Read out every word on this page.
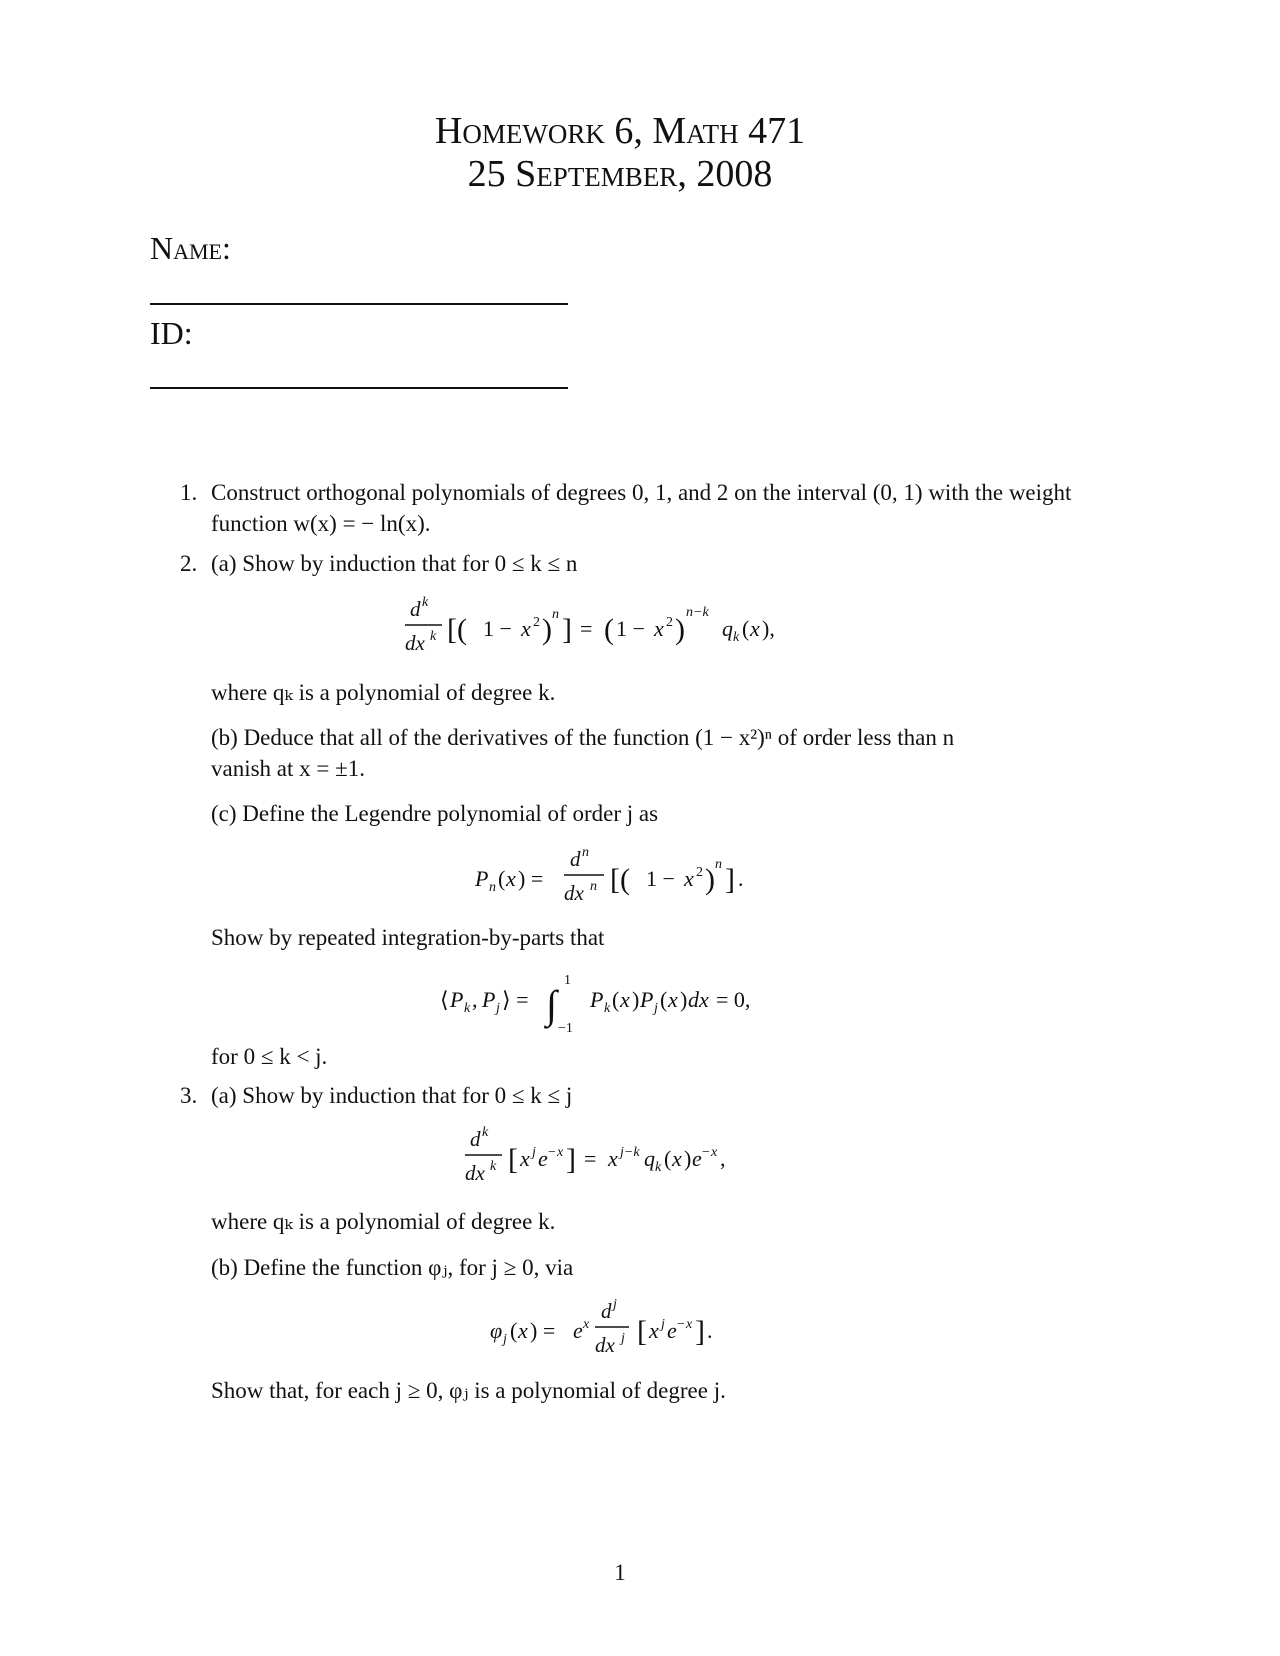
Homework 6, Math 471
25 September, 2008
Name:
ID:
1. Construct orthogonal polynomials of degrees 0, 1, and 2 on the interval (0, 1) with the weight function w(x) = − ln(x).
2. (a) Show by induction that for 0 ≤ k ≤ n
d k
dx k [( 1 − x 2 ) n ] = ( 1 − x 2 )
n−k
q k ( x ),
where qₖ is a polynomial of degree k.
(b) Deduce that all of the derivatives of the function (1 − x²)ⁿ of order less than n
vanish at x = ±1.
(c) Define the Legendre polynomial of order j as
P n ( x ) =
d n
dx n [( 1 − x 2 ) n ] .
Show by repeated integration-by-parts that
⟨ P k , P j ⟩ = ∫
1
−1
P k ( x ) P j ( x ) dx = 0,
for 0 ≤ k < j.
3. (a) Show by induction that for 0 ≤ k ≤ j
d k
dx k [ x j e − x ] = x j−k q k ( x ) e − x ,
where qₖ is a polynomial of degree k.
(b) Define the function φⱼ, for j ≥ 0, via
φ j ( x ) = e x
d j
dx j [ x j e − x ] .
Show that, for each j ≥ 0, φⱼ is a polynomial of degree j.
1
